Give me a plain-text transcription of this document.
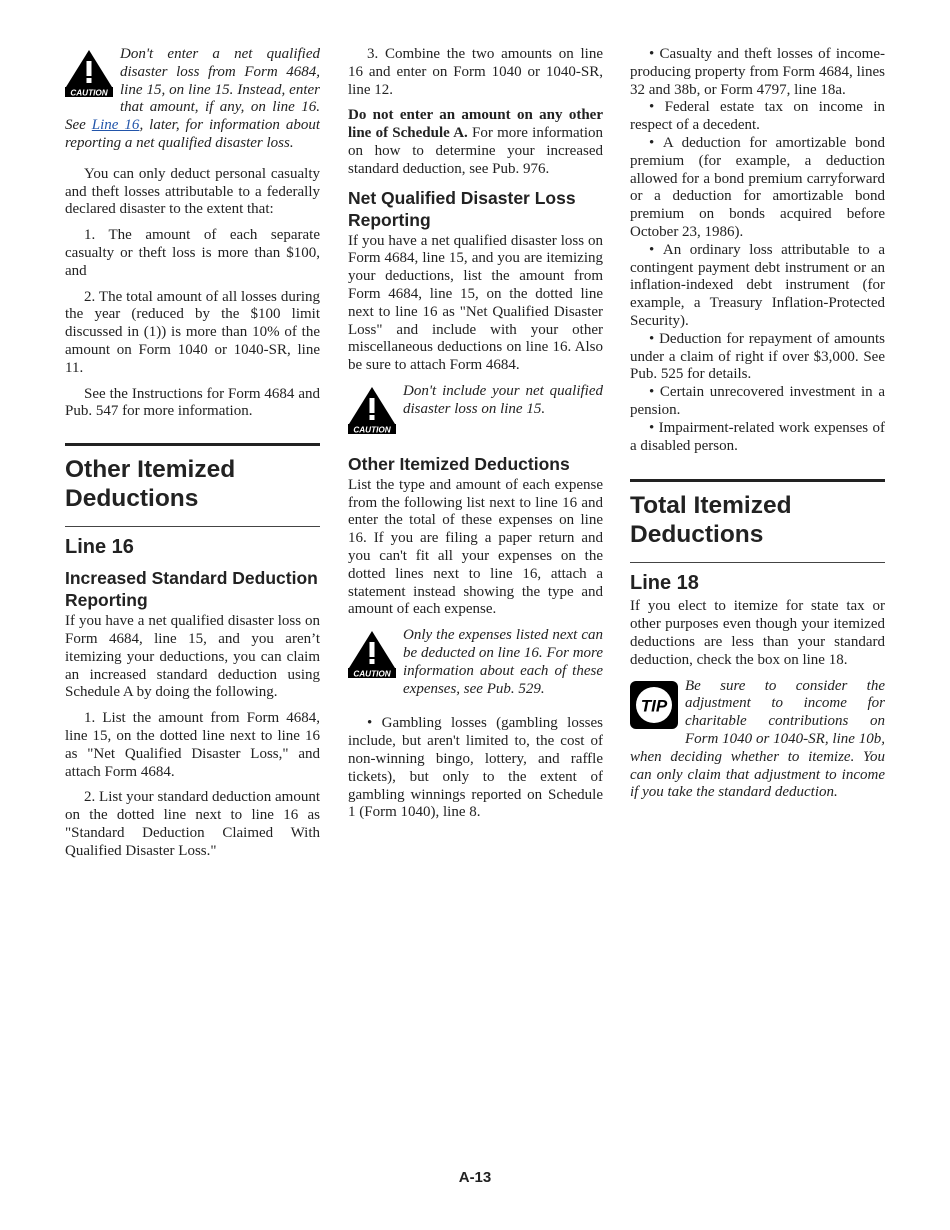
CAUTION
Don't enter a net qualified disaster loss from Form 4684, line 15, on line 15. Instead, enter that amount, if any, on line 16. See Line 16, later, for information about reporting a net qualified disaster loss.

You can only deduct personal casualty and theft losses attributable to a federally declared disaster to the extent that:

1. The amount of each separate casualty or theft loss is more than $100, and

2. The total amount of all losses during the year (reduced by the $100 limit discussed in (1)) is more than 10% of the amount on Form 1040 or 1040-SR, line 11.

See the Instructions for Form 4684 and Pub. 547 for more information.

Other Itemized Deductions
Line 16
Increased Standard Deduction Reporting

If you have a net qualified disaster loss on Form 4684, line 15, and you aren’t itemizing your deductions, you can claim an increased standard deduction using Schedule A by doing the following.

1. List the amount from Form 4684, line 15, on the dotted line next to line 16 as "Net Qualified Disaster Loss," and attach Form 4684.

2. List your standard deduction amount on the dotted line next to line 16 as "Standard Deduction Claimed With Qualified Disaster Loss."

3. Combine the two amounts on line 16 and enter on Form 1040 or 1040-SR, line 12.

Do not enter an amount on any other line of Schedule A. For more information on how to determine your increased standard deduction, see Pub. 976.

Net Qualified Disaster Loss Reporting

If you have a net qualified disaster loss on Form 4684, line 15, and you are itemizing your deductions, list the amount from Form 4684, line 15, on the dotted line next to line 16 as "Net Qualified Disaster Loss" and include with your other miscellaneous deductions on line 16. Also be sure to attach Form 4684.

CAUTION
Don't include your net qualified disaster loss on line 15.
Other Itemized Deductions

List the type and amount of each expense from the following list next to line 16 and enter the total of these expenses on line 16. If you are filing a paper return and you can't fit all your expenses on the dotted lines next to line 16, attach a statement instead showing the type and amount of each expense.

CAUTION
Only the expenses listed next can be deducted on line 16. For more information about each of these expenses, see Pub. 529.

• Gambling losses (gambling losses include, but aren't limited to, the cost of non-winning bingo, lottery, and raffle tickets), but only to the extent of gambling winnings reported on Schedule 1 (Form 1040), line 8.

• Casualty and theft losses of income-producing property from Form 4684, lines 32 and 38b, or Form 4797, line 18a.

• Federal estate tax on income in respect of a decedent.

• A deduction for amortizable bond premium (for example, a deduction allowed for a bond premium carryforward or a deduction for amortizable bond premium on bonds acquired before October 23, 1986).

• An ordinary loss attributable to a contingent payment debt instrument or an inflation-indexed debt instrument (for example, a Treasury Inflation-Protected Security).

• Deduction for repayment of amounts under a claim of right if over $3,000. See Pub. 525 for details.

• Certain unrecovered investment in a pension.

• Impairment-related work expenses of a disabled person.

Total Itemized Deductions
Line 18

If you elect to itemize for state tax or other purposes even though your itemized deductions are less than your standard deduction, check the box on line 18.

TIP
Be sure to consider the adjustment to income for charitable contributions on Form 1040 or 1040-SR, line 10b, when deciding whether to itemize. You can only claim that adjustment to income if you take the standard deduction.
A-13
